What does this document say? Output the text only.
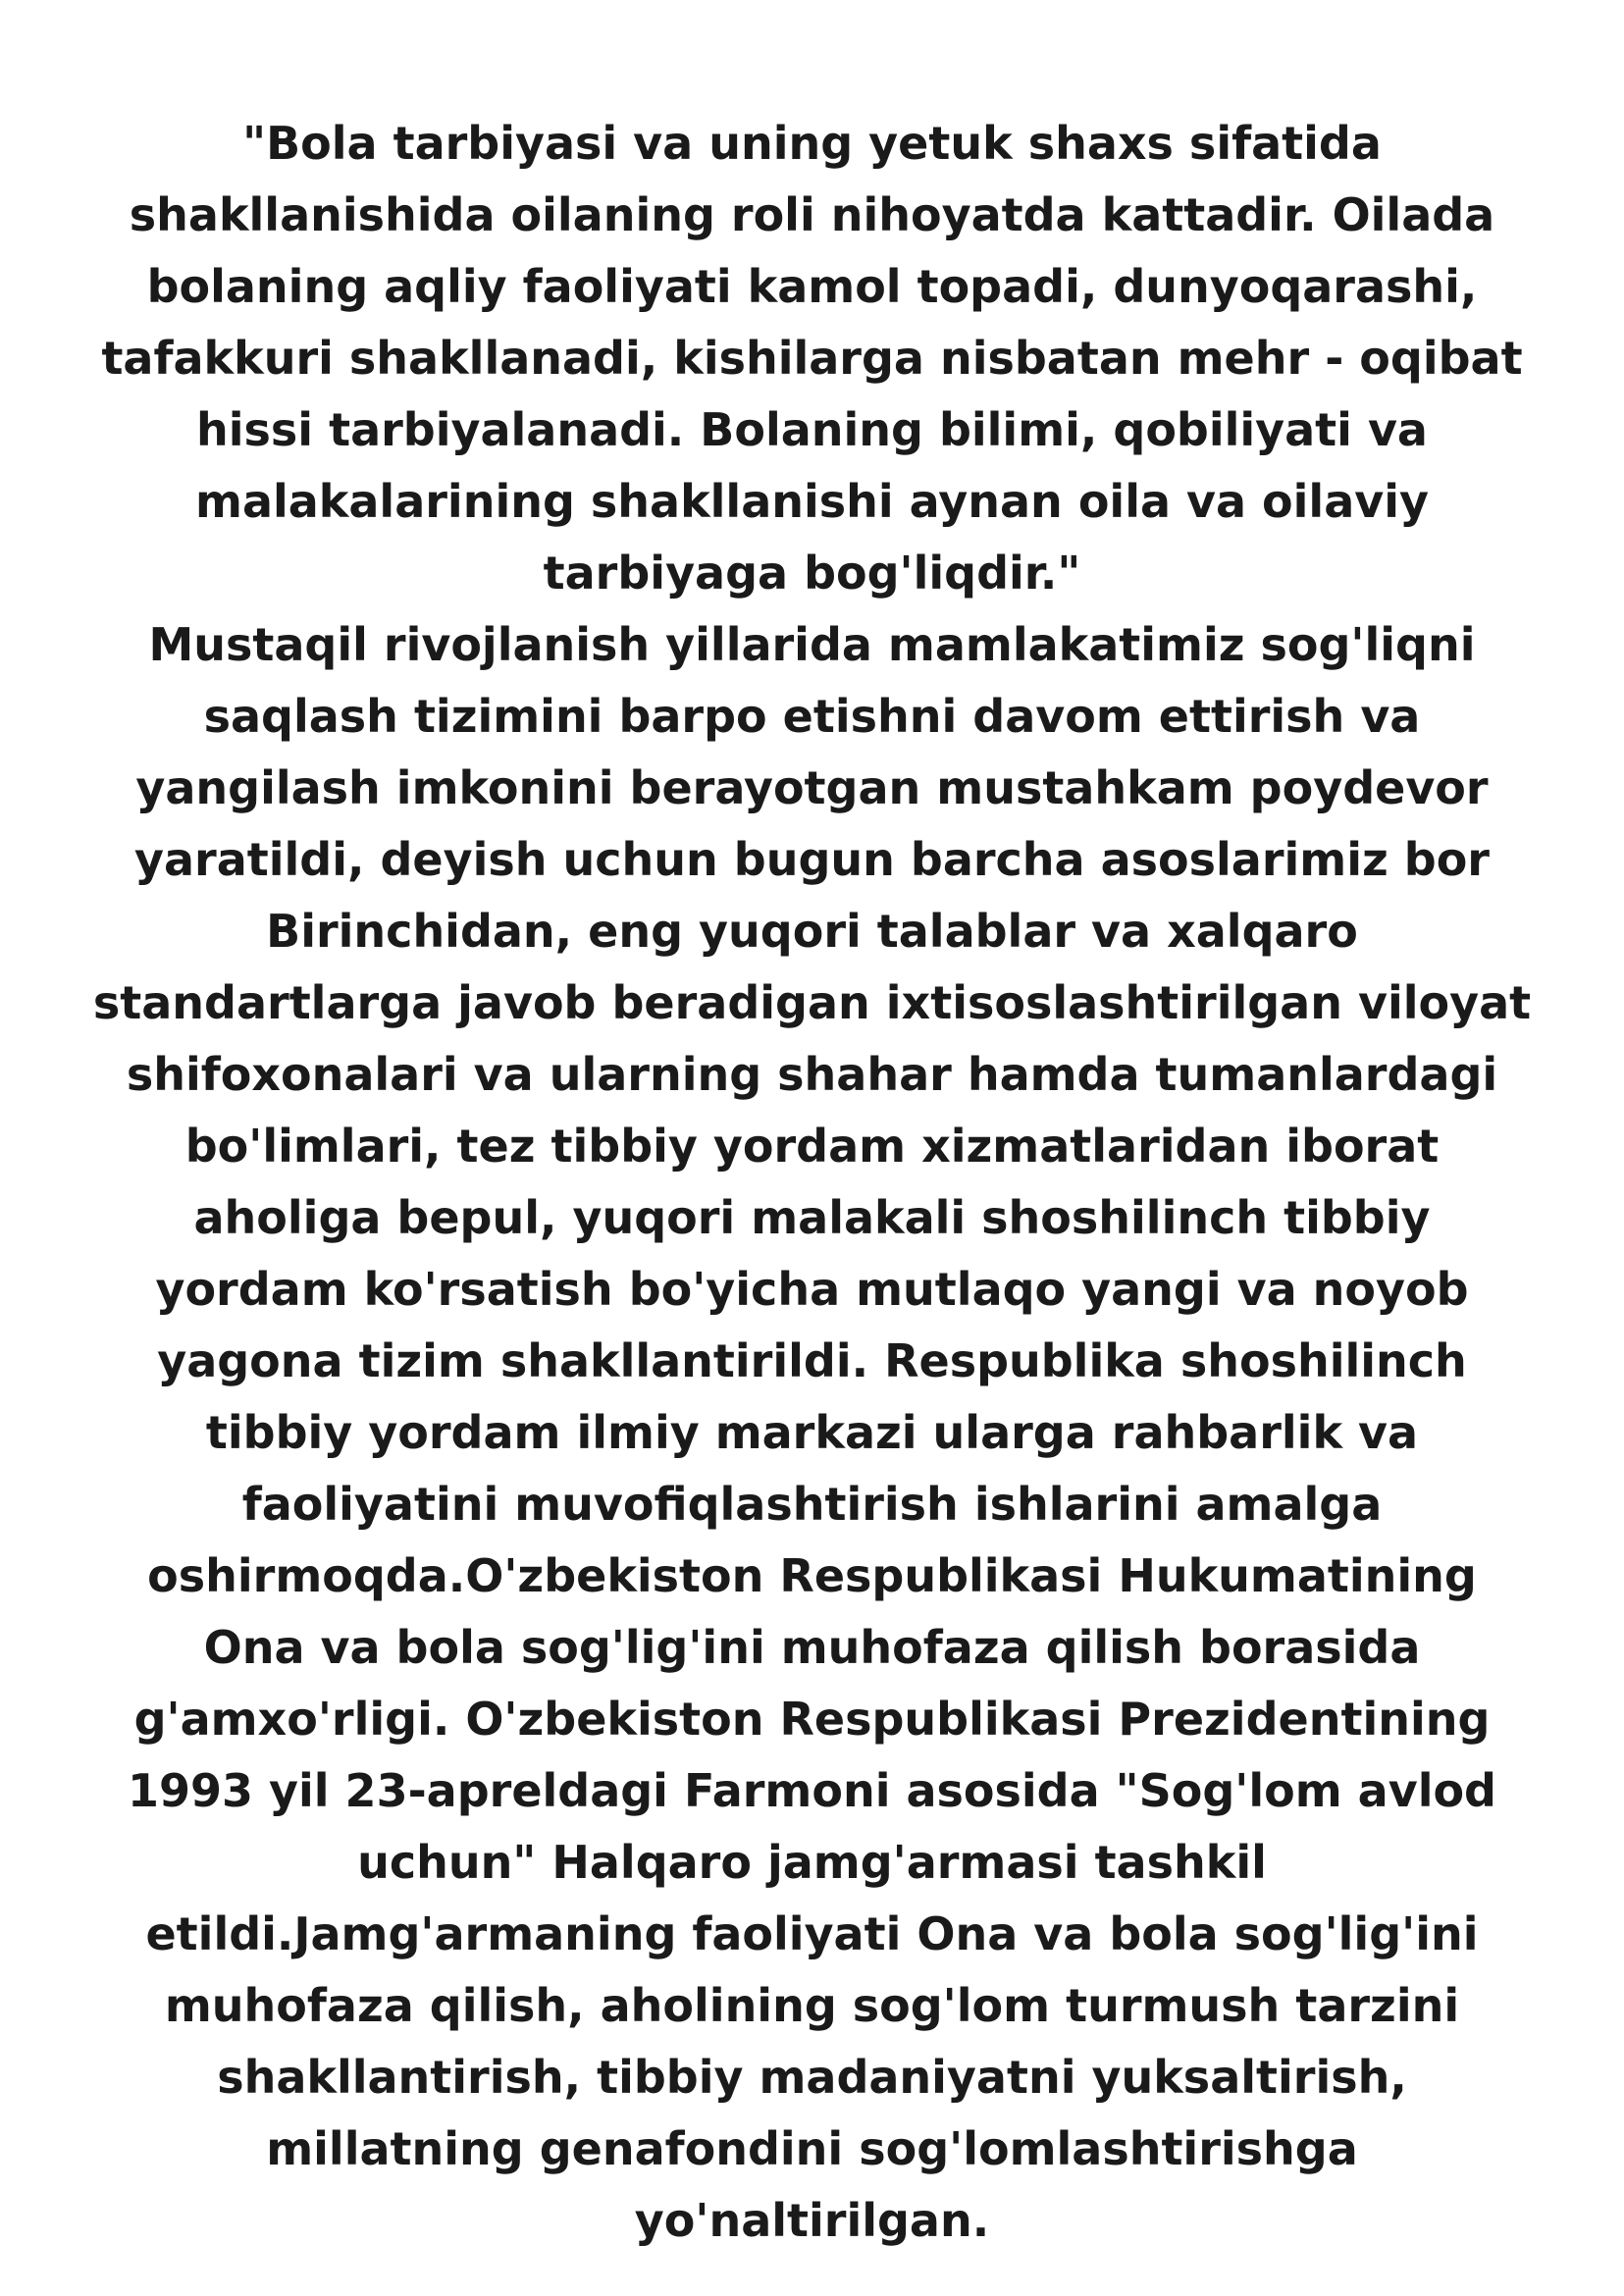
"Bola tarbiyasi va uning yetuk shaxs sifatida
shakllanishida oilaning roli nihoyatda kattadir. Oilada
bolaning aqliy faoliyati kamol topadi, dunyoqarashi,
tafakkuri shakllanadi, kishilarga nisbatan mehr - oqibat
hissi tarbiyalanadi. Bolaning bilimi, qobiliyati va
malakalarining shakllanishi aynan oila va oilaviy
tarbiyaga bog'liqdir."
Mustaqil rivojlanish yillarida mamlakatimiz sog'liqni
saqlash tizimini barpo etishni davom ettirish va
yangilash imkonini berayotgan mustahkam poydevor
yaratildi, deyish uchun bugun barcha asoslarimiz bor
Birinchidan, eng yuqori talablar va xalqaro
standartlarga javob beradigan ixtisoslashtirilgan viloyat
shifoxonalari va ularning shahar hamda tumanlardagi
bo'limlari, tez tibbiy yordam xizmatlaridan iborat
aholiga bepul, yuqori malakali shoshilinch tibbiy
yordam ko'rsatish bo'yicha mutlaqo yangi va noyob
yagona tizim shakllantirildi. Respublika shoshilinch
tibbiy yordam ilmiy markazi ularga rahbarlik va
faoliyatini muvofiqlashtirish ishlarini amalga
oshirmoqda.O'zbekiston Respublikasi Hukumatining
Ona va bola sog'lig'ini muhofaza qilish borasida
g'amxo'rligi. O'zbekiston Respublikasi Prezidentining
1993 yil 23-apreldagi Farmoni asosida "Sog'lom avlod
uchun" Halqaro jamg'armasi tashkil
etildi.Jamg'armaning faoliyati Ona va bola sog'lig'ini
muhofaza qilish, aholining sog'lom turmush tarzini
shakllantirish, tibbiy madaniyatni yuksaltirish,
millatning genafondini sog'lomlashtirishga
yo'naltirilgan.
